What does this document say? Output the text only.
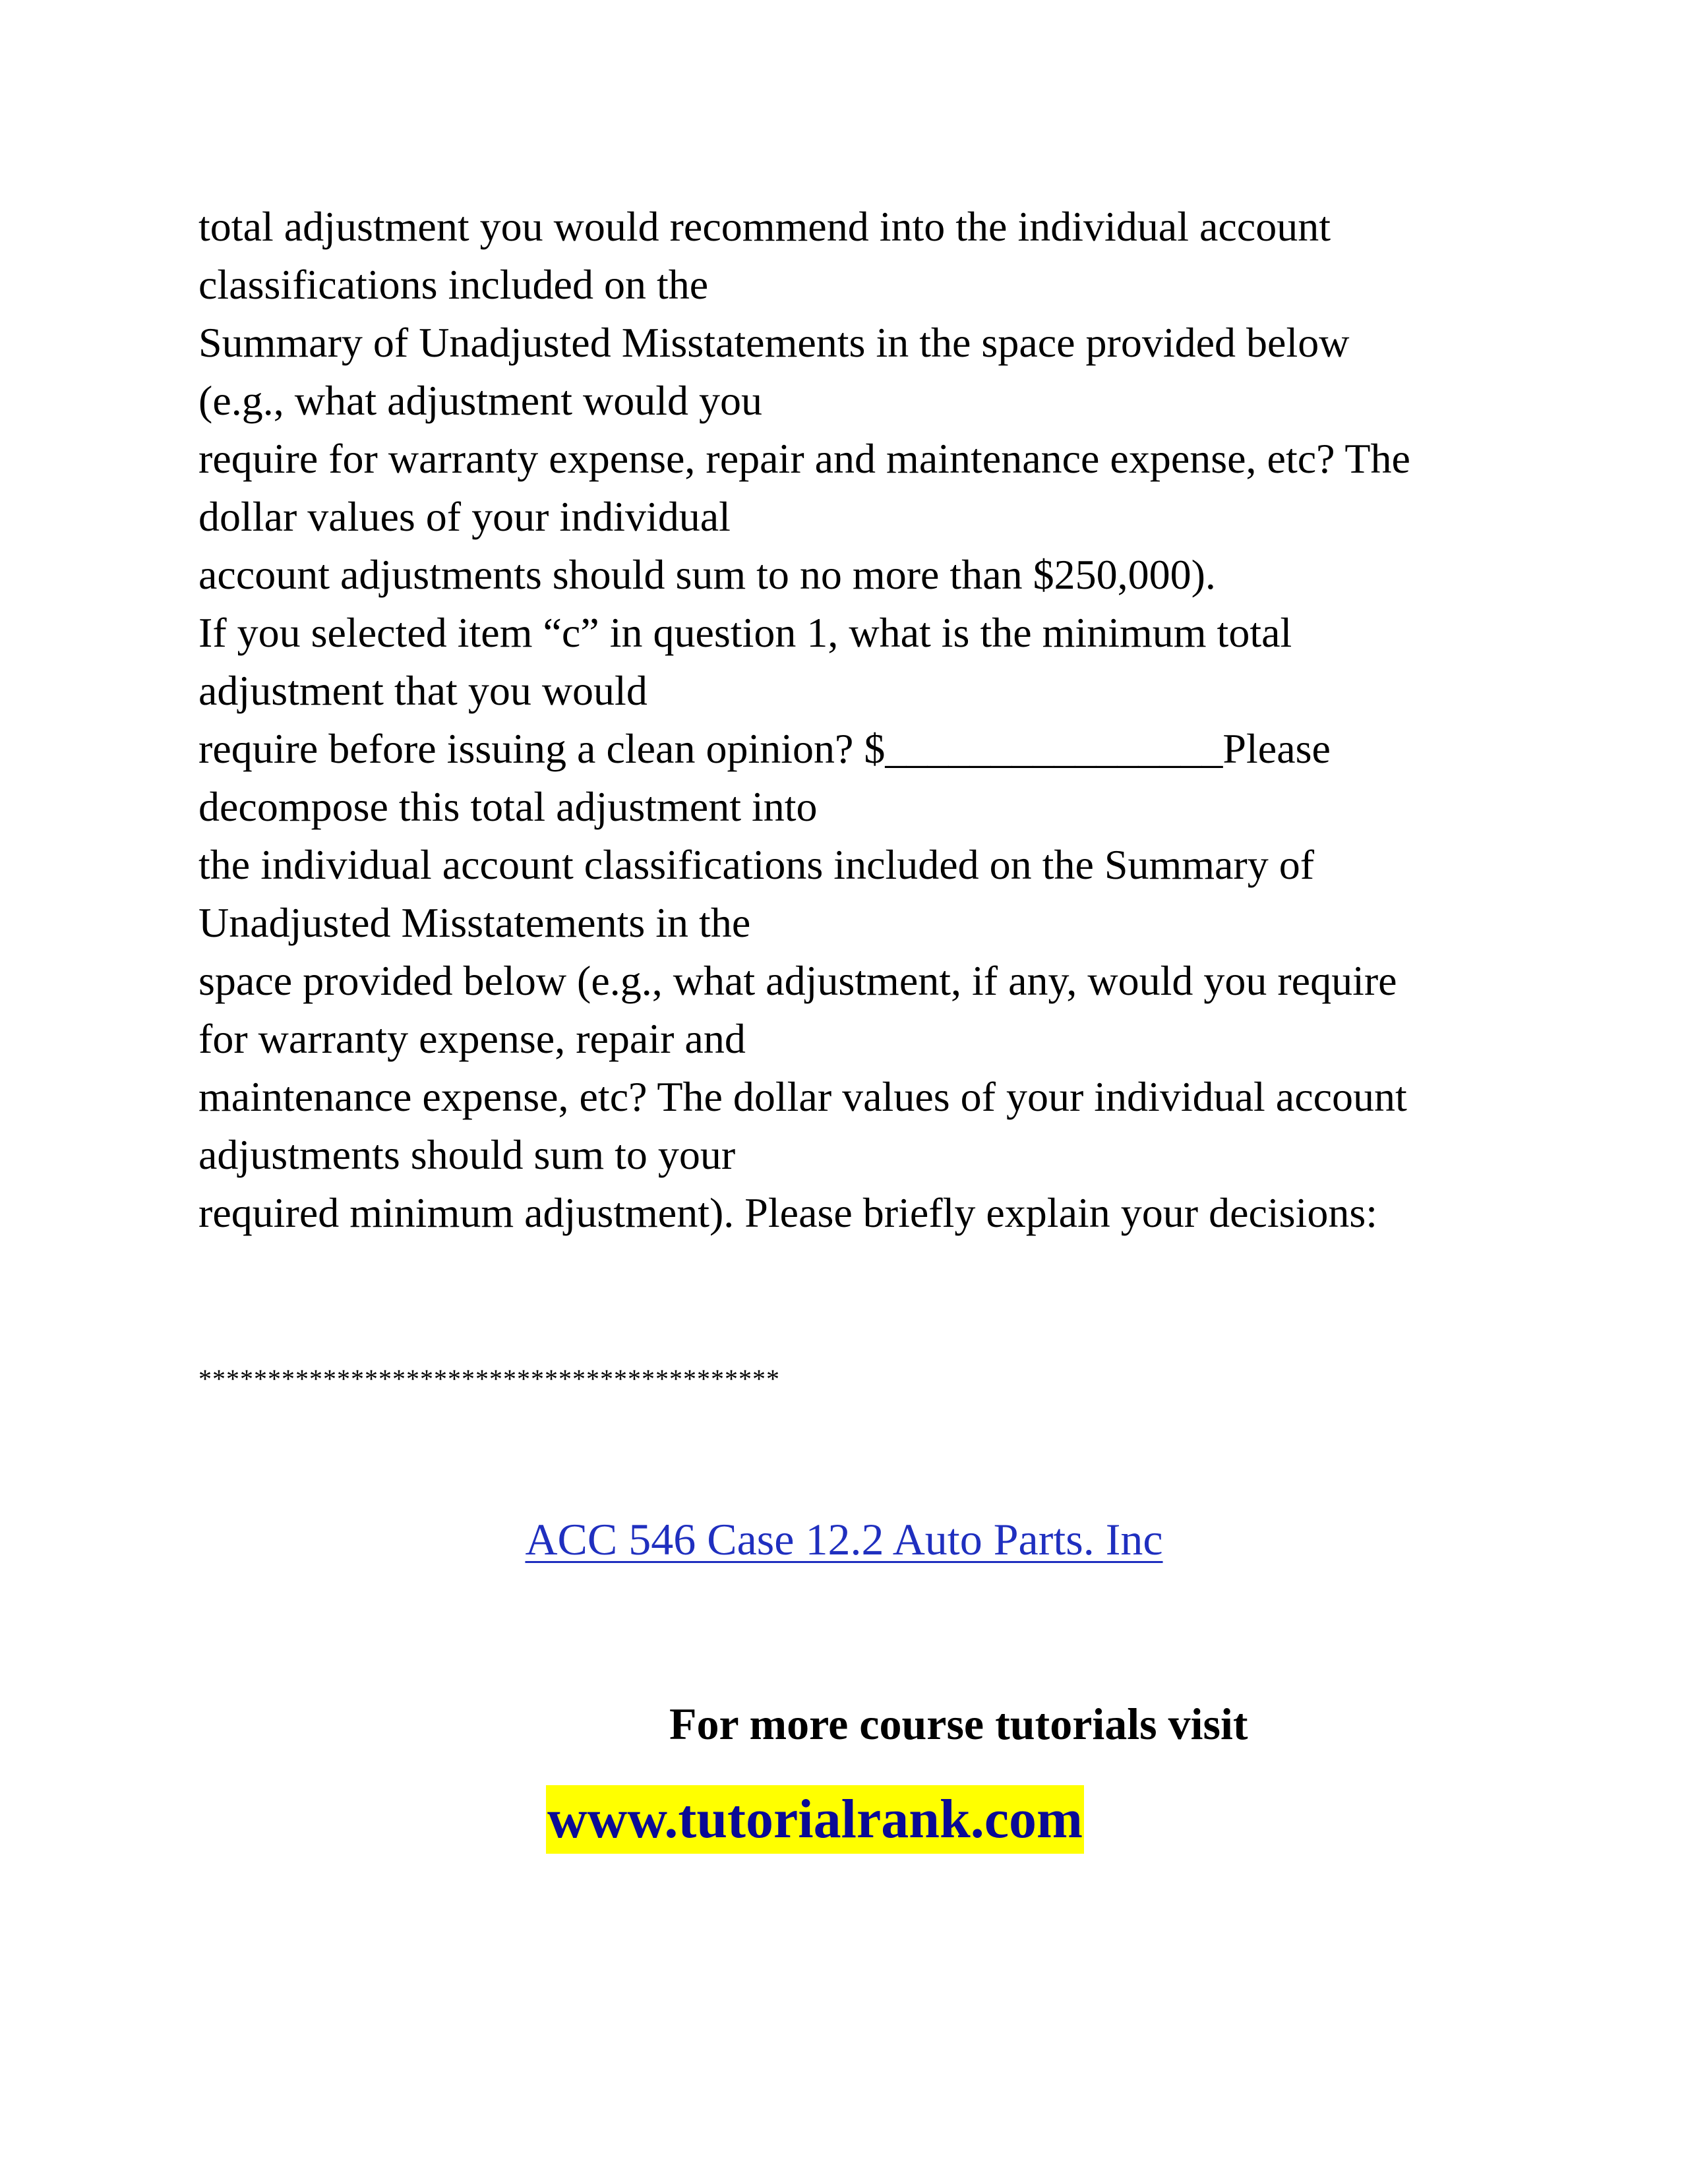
total adjustment you would recommend into the individual account
classifications included on the
Summary of Unadjusted Misstatements in the space provided below
(e.g., what adjustment would you
require for warranty expense, repair and maintenance expense, etc? The
dollar values of your individual
account adjustments should sum to no more than $250,000).
If you selected item “c” in question 1, what is the minimum total
adjustment that you would
require before issuing a clean opinion? $________________Please
decompose this total adjustment into
the individual account classifications included on the Summary of
Unadjusted Misstatements in the
space provided below (e.g., what adjustment, if any, would you require
for warranty expense, repair and
maintenance expense, etc? The dollar values of your individual account
adjustments should sum to your
required minimum adjustment). Please briefly explain your decisions:
******************************************
ACC 546 Case 12.2 Auto Parts. Inc
For more course tutorials visit
www.tutorialrank.com
